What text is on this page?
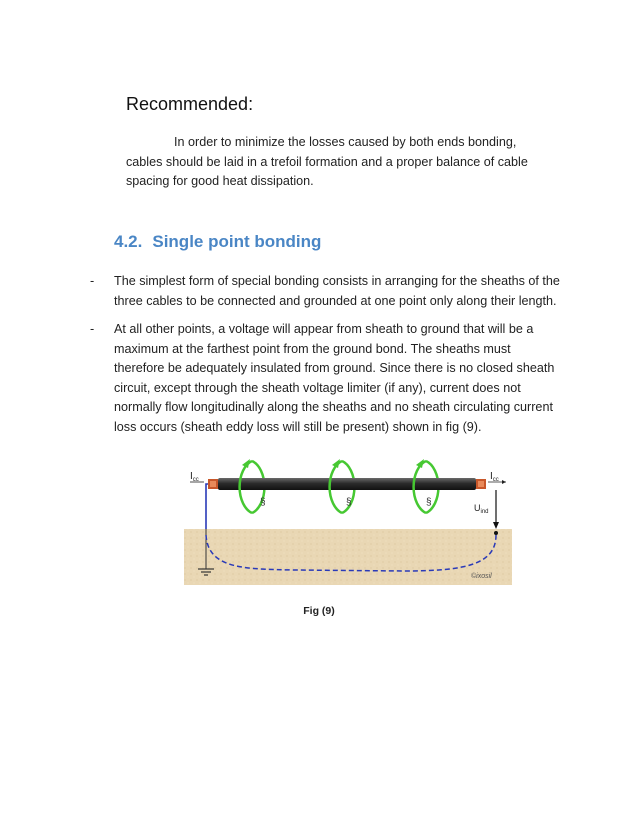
Recommended:
In order to minimize the losses caused by both ends bonding, cables should be laid in a trefoil formation and a proper balance of cable spacing for good heat dissipation.
4.2. Single point bonding
- The simplest form of special bonding consists in arranging for the sheaths of the three cables to be connected and grounded at one point only along their length.
- At all other points, a voltage will appear from sheath to ground that will be a maximum at the farthest point from the ground bond. The sheaths must therefore be adequately insulated from ground. Since there is no closed sheath circuit, except through the sheath voltage limiter (if any), current does not normally flow longitudinally along the sheaths and no sheath circulating current loss occurs (sheath eddy loss will still be present) shown in fig (9).
§	§	§
$I_{cc}$	$I_{cc}$
$U_{ind}$
©ixosil
Fig (9)
